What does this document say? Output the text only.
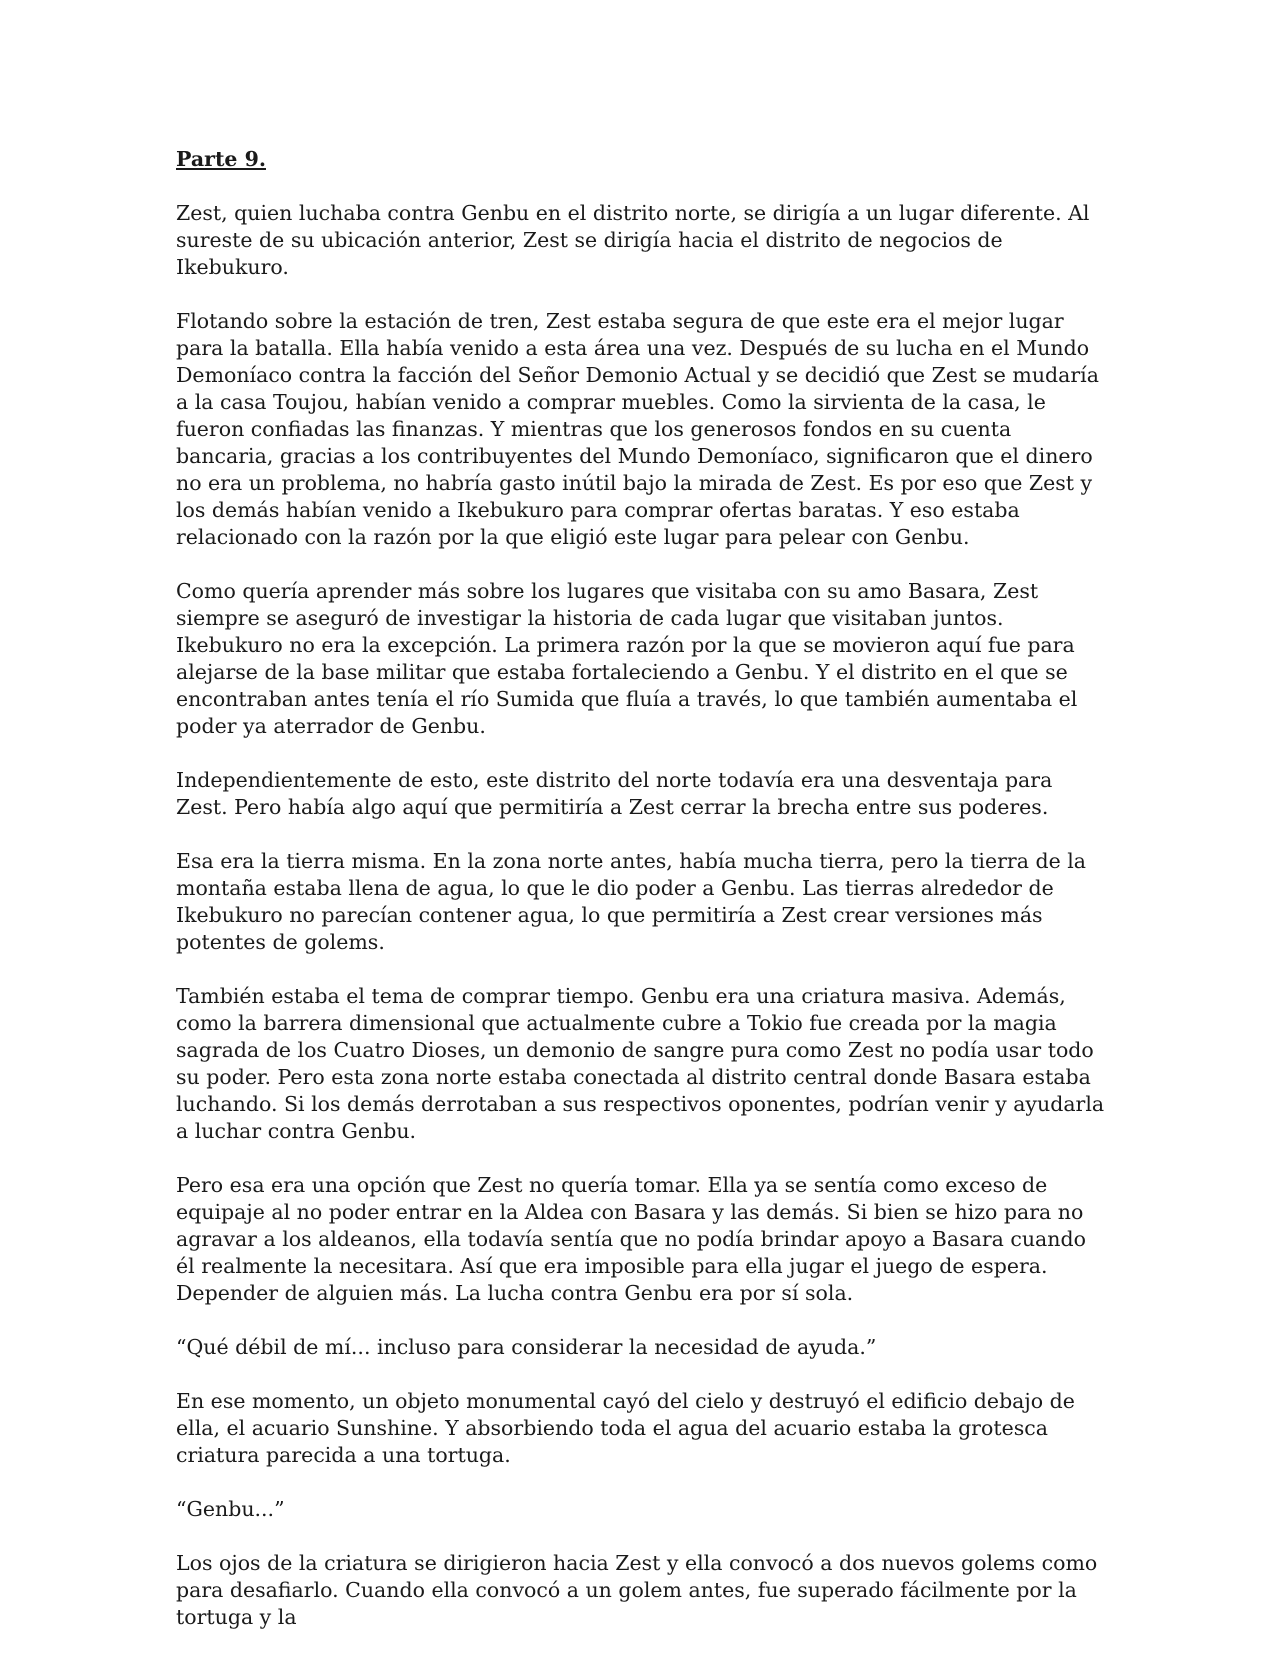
Parte 9.

Zest, quien luchaba contra Genbu en el distrito norte, se dirigía a un lugar diferente. Al sureste de su ubicación anterior, Zest se dirigía hacia el distrito de negocios de Ikebukuro.

Flotando sobre la estación de tren, Zest estaba segura de que este era el mejor lugar para la batalla. Ella había venido a esta área una vez. Después de su lucha en el Mundo Demoníaco contra la facción del Señor Demonio Actual y se decidió que Zest se mudaría a la casa Toujou, habían venido a comprar muebles. Como la sirvienta de la casa, le fueron confiadas las finanzas. Y mientras que los generosos fondos en su cuenta bancaria, gracias a los contribuyentes del Mundo Demoníaco, significaron que el dinero no era un problema, no habría gasto inútil bajo la mirada de Zest. Es por eso que Zest y los demás habían venido a Ikebukuro para comprar ofertas baratas. Y eso estaba relacionado con la razón por la que eligió este lugar para pelear con Genbu.

Como quería aprender más sobre los lugares que visitaba con su amo Basara, Zest siempre se aseguró de investigar la historia de cada lugar que visitaban juntos. Ikebukuro no era la excepción. La primera razón por la que se movieron aquí fue para alejarse de la base militar que estaba fortaleciendo a Genbu. Y el distrito en el que se encontraban antes tenía el río Sumida que fluía a través, lo que también aumentaba el poder ya aterrador de Genbu.

Independientemente de esto, este distrito del norte todavía era una desventaja para Zest. Pero había algo aquí que permitiría a Zest cerrar la brecha entre sus poderes.

Esa era la tierra misma. En la zona norte antes, había mucha tierra, pero la tierra de la montaña estaba llena de agua, lo que le dio poder a Genbu. Las tierras alrededor de Ikebukuro no parecían contener agua, lo que permitiría a Zest crear versiones más potentes de golems.

También estaba el tema de comprar tiempo. Genbu era una criatura masiva. Además, como la barrera dimensional que actualmente cubre a Tokio fue creada por la magia sagrada de los Cuatro Dioses, un demonio de sangre pura como Zest no podía usar todo su poder. Pero esta zona norte estaba conectada al distrito central donde Basara estaba luchando. Si los demás derrotaban a sus respectivos oponentes, podrían venir y ayudarla a luchar contra Genbu.

Pero esa era una opción que Zest no quería tomar. Ella ya se sentía como exceso de equipaje al no poder entrar en la Aldea con Basara y las demás. Si bien se hizo para no agravar a los aldeanos, ella todavía sentía que no podía brindar apoyo a Basara cuando él realmente la necesitara. Así que era imposible para ella jugar el juego de espera. Depender de alguien más. La lucha contra Genbu era por sí sola.

“Qué débil de mí... incluso para considerar la necesidad de ayuda.”

En ese momento, un objeto monumental cayó del cielo y destruyó el edificio debajo de ella, el acuario Sunshine. Y absorbiendo toda el agua del acuario estaba la grotesca criatura parecida a una tortuga.

“Genbu...”

Los ojos de la criatura se dirigieron hacia Zest y ella convocó a dos nuevos golems como para desafiarlo. Cuando ella convocó a un golem antes, fue superado fácilmente por la tortuga y la
